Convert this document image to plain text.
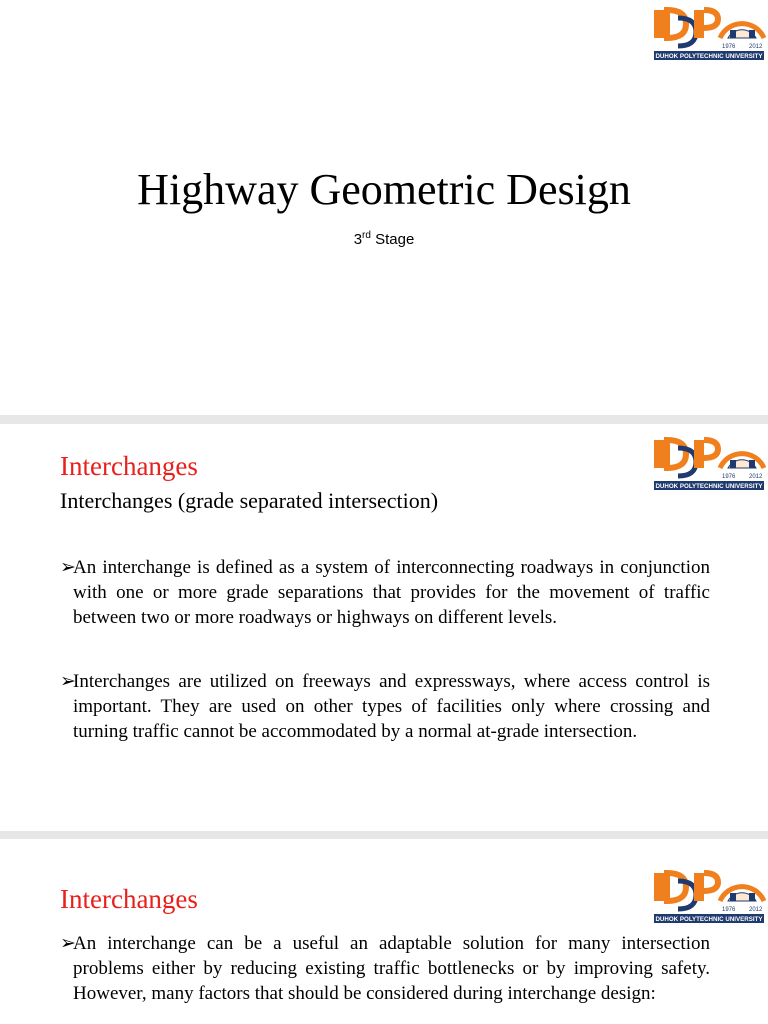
1976 2012
DUHOK POLYTECHNIC UNIVERSITY
Highway Geometric Design
3rd Stage
1976 2012
DUHOK POLYTECHNIC UNIVERSITY
Interchanges
Interchanges (grade separated intersection)
➢
An interchange is defined as a system of interconnecting roadways in conjunction with one or more grade separations that provides for the movement of traffic between two or more roadways or highways on different levels.
➢
Interchanges are utilized on freeways and expressways, where access control is important. They are used on other types of facilities only where crossing and turning traffic cannot be accommodated by a normal at-grade intersection.
1976 2012
DUHOK POLYTECHNIC UNIVERSITY
Interchanges
➢
An interchange can be a useful an adaptable solution for many intersection problems either by reducing existing traffic bottlenecks or by improving safety. However, many factors that should be considered during interchange design:
